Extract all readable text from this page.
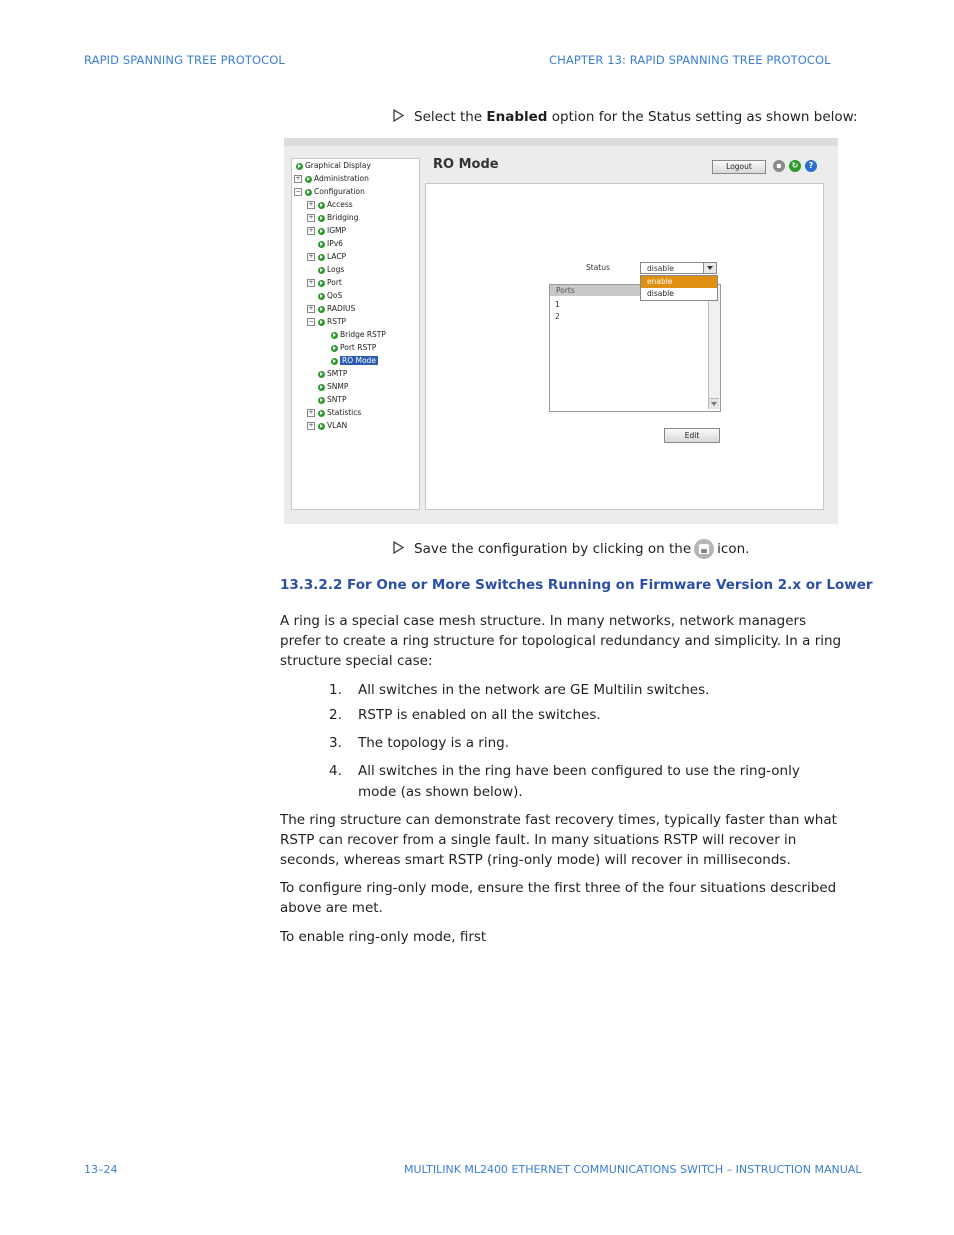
RAPID SPANNING TREE PROTOCOL	CHAPTER 13: RAPID SPANNING TREE PROTOCOL
Select the Enabled option for the Status setting as shown below:
Graphical Display
+ Administration
− Configuration
+ Access
+ Bridging
+ IGMP
IPv6
+ LACP
Logs
+ Port
QoS
+ RADIUS
− RSTP
Bridge RSTP
Port RSTP
RO Mode
SMTP
SNMP
SNTP
+ Statistics
+ VLAN
RO Mode	Logout	▪	↻	?
Status	disable
Ports
1
2
enable
disable
Edit
Save the configuration by clicking on the icon.
13.3.2.2 For One or More Switches Running on Firmware Version 2.x or Lower
A ring is a special case mesh structure. In many networks, network managers prefer to create a ring structure for topological redundancy and simplicity. In a ring structure special case:
1. All switches in the network are GE Multilin switches.
2. RSTP is enabled on all the switches.
3. The topology is a ring.
4. All switches in the ring have been configured to use the ring-only mode (as shown below).
The ring structure can demonstrate fast recovery times, typically faster than what RSTP can recover from a single fault. In many situations RSTP will recover in seconds, whereas smart RSTP (ring-only mode) will recover in milliseconds.
To configure ring-only mode, ensure the first three of the four situations described above are met.
To enable ring-only mode, first
13–24	MULTILINK ML2400 ETHERNET COMMUNICATIONS SWITCH – INSTRUCTION MANUAL
